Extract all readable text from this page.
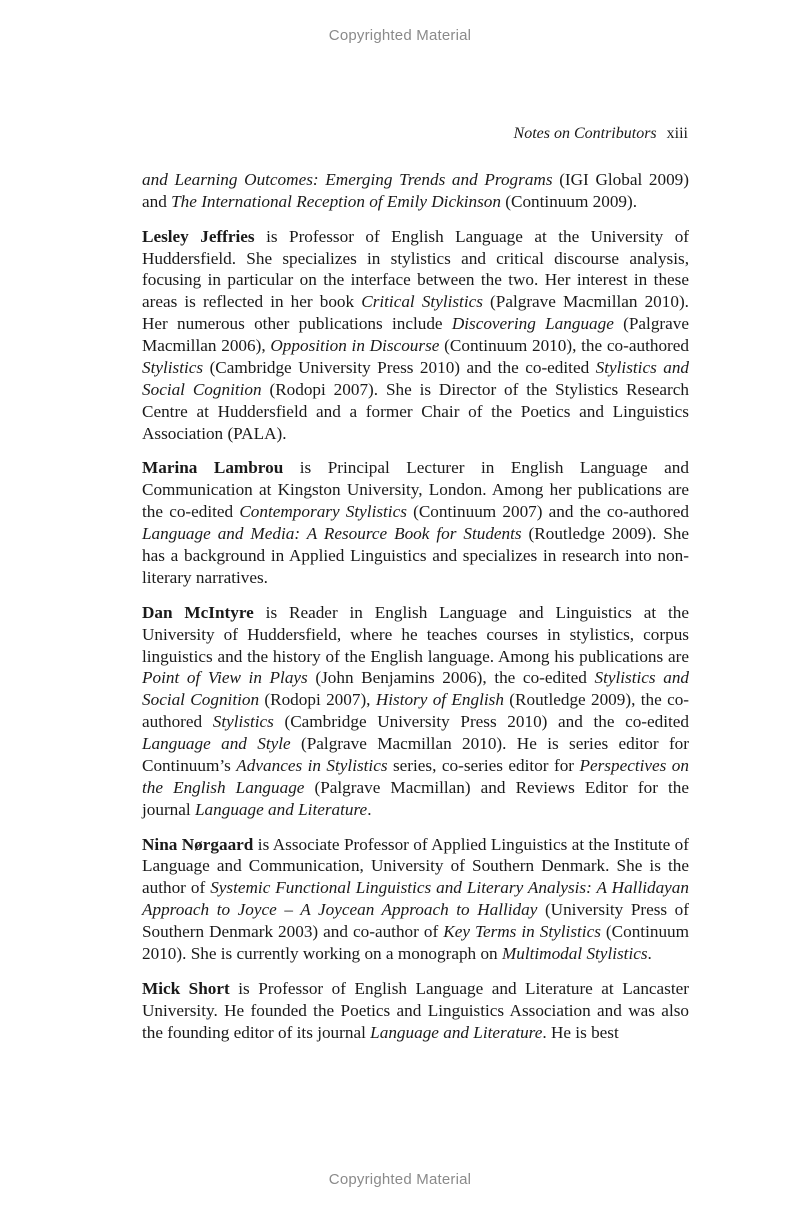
Copyrighted Material
Notes on Contributors xiii

and Learning Outcomes: Emerging Trends and Programs (IGI Global 2009) and The International Reception of Emily Dickinson (Continuum 2009).

Lesley Jeffries is Professor of English Language at the University of Huddersfield. She specializes in stylistics and critical discourse analysis, focusing in particular on the interface between the two. Her interest in these areas is reflected in her book Critical Stylistics (Palgrave Macmillan 2010). Her numerous other publications include Discovering Language (Palgrave Macmillan 2006), Opposition in Discourse (Continuum 2010), the co-authored Stylistics (Cambridge University Press 2010) and the co-edited Stylistics and Social Cognition (Rodopi 2007). She is Director of the Stylistics Research Centre at Huddersfield and a former Chair of the Poetics and Linguistics Association (PALA).

Marina Lambrou is Principal Lecturer in English Language and Communication at Kingston University, London. Among her publications are the co-edited Contemporary Stylistics (Continuum 2007) and the co-authored Language and Media: A Resource Book for Students (Routledge 2009). She has a background in Applied Linguistics and specializes in research into non-literary narratives.

Dan McIntyre is Reader in English Language and Linguistics at the University of Huddersfield, where he teaches courses in stylistics, corpus linguistics and the history of the English language. Among his publications are Point of View in Plays (John Benjamins 2006), the co-edited Stylistics and Social Cognition (Rodopi 2007), History of English (Routledge 2009), the co-authored Stylistics (Cambridge University Press 2010) and the co-edited Language and Style (Palgrave Macmillan 2010). He is series editor for Continuum’s Advances in Stylistics series, co-series editor for Perspectives on the English Language (Palgrave Macmillan) and Reviews Editor for the journal Language and Literature.

Nina Nørgaard is Associate Professor of Applied Linguistics at the Institute of Language and Communication, University of Southern Denmark. She is the author of Systemic Functional Linguistics and Literary Analysis: A Hallidayan Approach to Joyce – A Joycean Approach to Halliday (University Press of Southern Denmark 2003) and co-author of Key Terms in Stylistics (Continuum 2010). She is currently working on a monograph on Multimodal Stylistics.

Mick Short is Professor of English Language and Literature at Lancaster University. He founded the Poetics and Linguistics Association and was also the founding editor of its journal Language and Literature. He is best

Copyrighted Material
